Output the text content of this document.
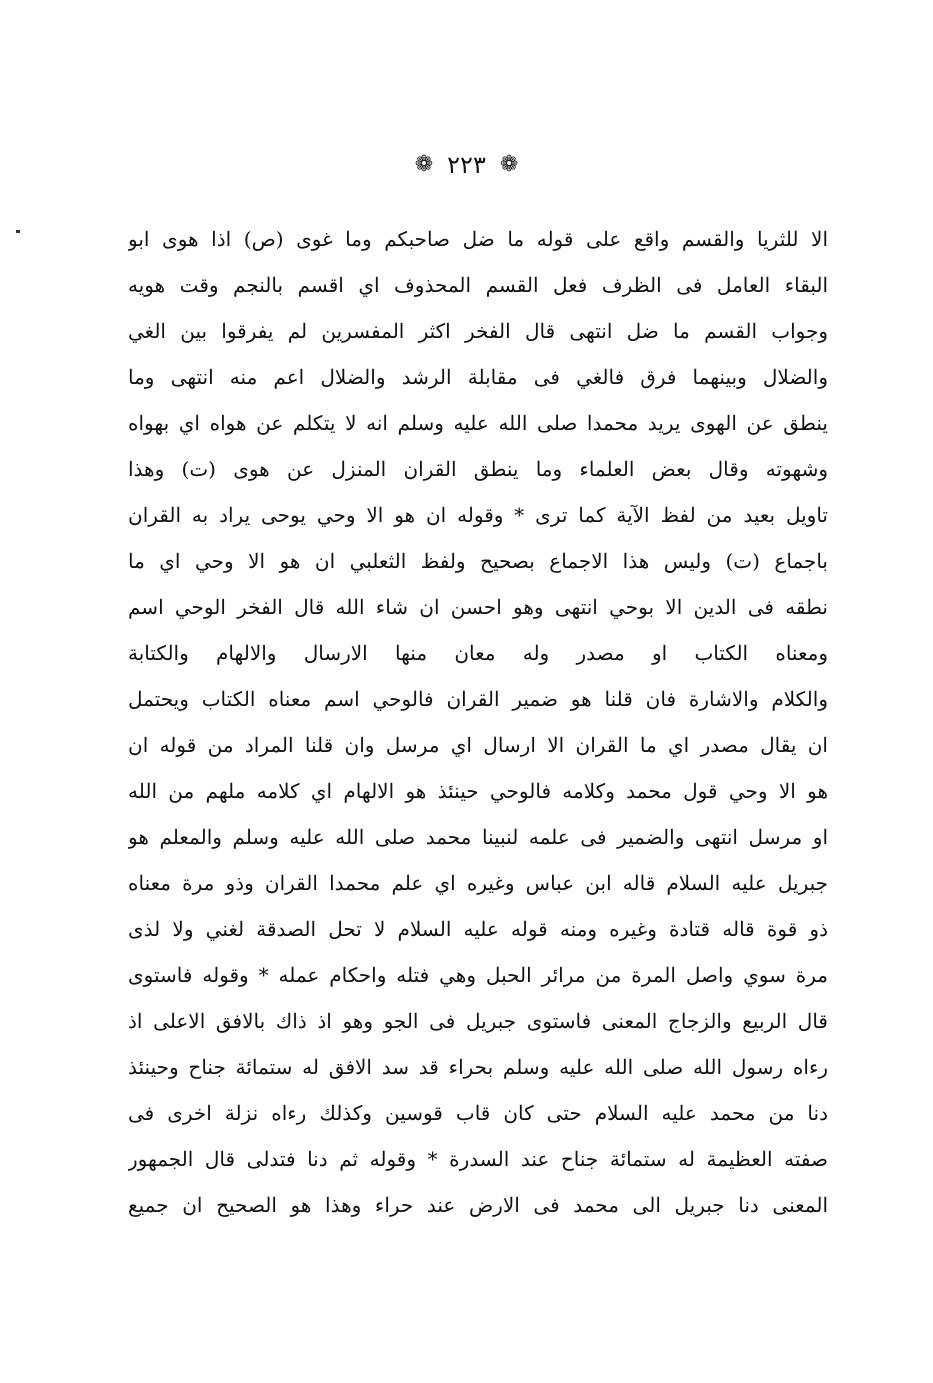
❁ ٢٢٣ ❁
الا للثريا والقسم واقع على قوله ما ضل صاحبكم وما غوى (ص) اذا هوى ابو
البقاء العامل فى الظرف فعل القسم المحذوف اي اقسم بالنجم وقت هويه
وجواب القسم ما ضل انتهى قال الفخر اكثر المفسرين لم يفرقوا بين الغي
والضلال وبينهما فرق فالغي فى مقابلة الرشد والضلال اعم منه انتهى وما
ينطق عن الهوى يريد محمدا صلى الله عليه وسلم انه لا يتكلم عن هواه اي بهواه
وشهوته وقال بعض العلماء وما ينطق القران المنزل عن هوى (ت) وهذا
تاويل بعيد من لفظ الآية كما ترى * وقوله ان هو الا وحي يوحى يراد به القران
باجماع (ت) وليس هذا الاجماع بصحيح ولفظ الثعلبي ان هو الا وحي اي ما
نطقه فى الدين الا بوحي انتهى وهو احسن ان شاء الله قال الفخر الوحي اسم
ومعناه الكتاب او مصدر وله معان منها الارسال والالهام والكتابة
والكلام والاشارة فان قلنا هو ضمير القران فالوحي اسم معناه الكتاب ويحتمل
ان يقال مصدر اي ما القران الا ارسال اي مرسل وان قلنا المراد من قوله ان
هو الا وحي قول محمد وكلامه فالوحي حينئذ هو الالهام اي كلامه ملهم من الله
او مرسل انتهى والضمير فى علمه لنبينا محمد صلى الله عليه وسلم والمعلم هو
جبريل عليه السلام قاله ابن عباس وغيره اي علم محمدا القران وذو مرة معناه
ذو قوة قاله قتادة وغيره ومنه قوله عليه السلام لا تحل الصدقة لغني ولا لذى
مرة سوي واصل المرة من مرائر الحبل وهي فتله واحكام عمله * وقوله فاستوى
قال الربيع والزجاج المعنى فاستوى جبريل فى الجو وهو اذ ذاك بالافق الاعلى اذ
رءاه رسول الله صلى الله عليه وسلم بحراء قد سد الافق له ستمائة جناح وحينئذ
دنا من محمد عليه السلام حتى كان قاب قوسين وكذلك رءاه نزلة اخرى فى
صفته العظيمة له ستمائة جناح عند السدرة * وقوله ثم دنا فتدلى قال الجمهور
المعنى دنا جبريل الى محمد فى الارض عند حراء وهذا هو الصحيح ان جميع
